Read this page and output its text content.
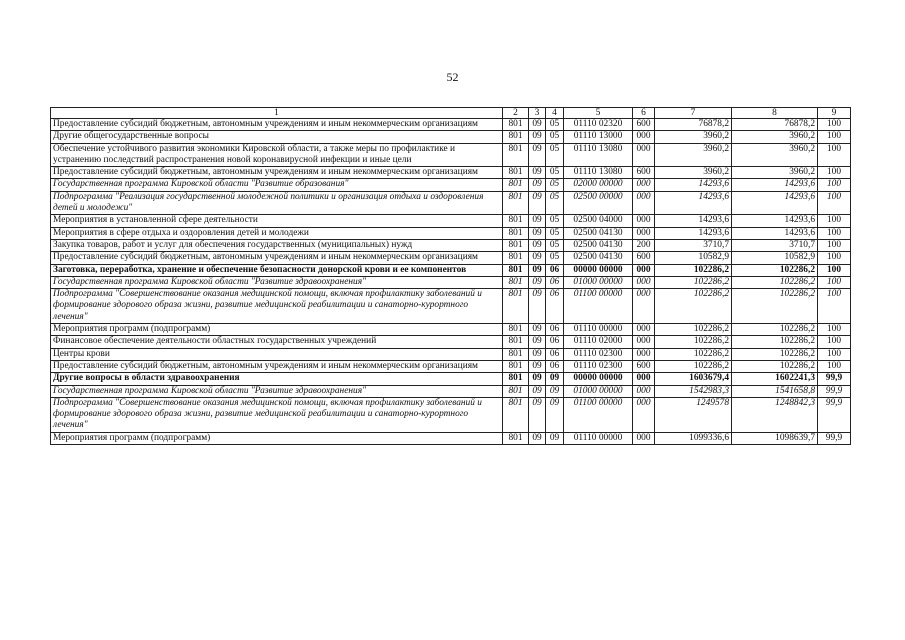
52
1	2	3	4	5	6	7	8	9
Предоставление субсидий бюджетным, автономным учреждениям и иным некоммерческим организациям	801	09	05	01110 02320	600	76878,2	76878,2	100
Другие общегосударственные вопросы	801	09	05	01110 13000	000	3960,2	3960,2	100
Обеспечение устойчивого развития экономики Кировской области, а также меры по профилактике и устранению последствий распространения новой коронавирусной инфекции и иные цели	801	09	05	01110 13080	000	3960,2	3960,2	100
Предоставление субсидий бюджетным, автономным учреждениям и иным некоммерческим организациям	801	09	05	01110 13080	600	3960,2	3960,2	100
Государственная программа Кировской области "Развитие образования"	801	09	05	02000 00000	000	14293,6	14293,6	100
Подпрограмма "Реализация государственной молодежной политики и организация отдыха и оздоровления детей и молодежи"	801	09	05	02500 00000	000	14293,6	14293,6	100
Мероприятия в установленной сфере деятельности	801	09	05	02500 04000	000	14293,6	14293,6	100
Мероприятия в сфере отдыха и оздоровления детей и молодежи	801	09	05	02500 04130	000	14293,6	14293,6	100
Закупка товаров, работ и услуг для обеспечения государственных (муниципальных) нужд	801	09	05	02500 04130	200	3710,7	3710,7	100
Предоставление субсидий бюджетным, автономным учреждениям и иным некоммерческим организациям	801	09	05	02500 04130	600	10582,9	10582,9	100
Заготовка, переработка, хранение и обеспечение безопасности донорской крови и ее компонентов	801	09	06	00000 00000	000	102286,2	102286,2	100
Государственная программа Кировской области "Развитие здравоохранения"	801	09	06	01000 00000	000	102286,2	102286,2	100
Подпрограмма "Совершенствование оказания медицинской помощи, включая профилактику заболеваний и формирование здорового образа жизни, развитие медицинской реабилитации и санаторно-курортного лечения"	801	09	06	01100 00000	000	102286,2	102286,2	100
Мероприятия программ (подпрограмм)	801	09	06	01110 00000	000	102286,2	102286,2	100
Финансовое обеспечение деятельности областных государственных учреждений	801	09	06	01110 02000	000	102286,2	102286,2	100
Центры крови	801	09	06	01110 02300	000	102286,2	102286,2	100
Предоставление субсидий бюджетным, автономным учреждениям и иным некоммерческим организациям	801	09	06	01110 02300	600	102286,2	102286,2	100
Другие вопросы в области здравоохранения	801	09	09	00000 00000	000	1603679,4	1602241,3	99,9
Государственная программа Кировской области "Развитие здравоохранения"	801	09	09	01000 00000	000	1542983,3	1541658,8	99,9
Подпрограмма "Совершенствование оказания медицинской помощи, включая профилактику заболеваний и формирование здорового образа жизни, развитие медицинской реабилитации и санаторно-курортного лечения"	801	09	09	01100 00000	000	1249578	1248842,3	99,9
Мероприятия программ (подпрограмм)	801	09	09	01110 00000	000	1099336,6	1098639,7	99,9
